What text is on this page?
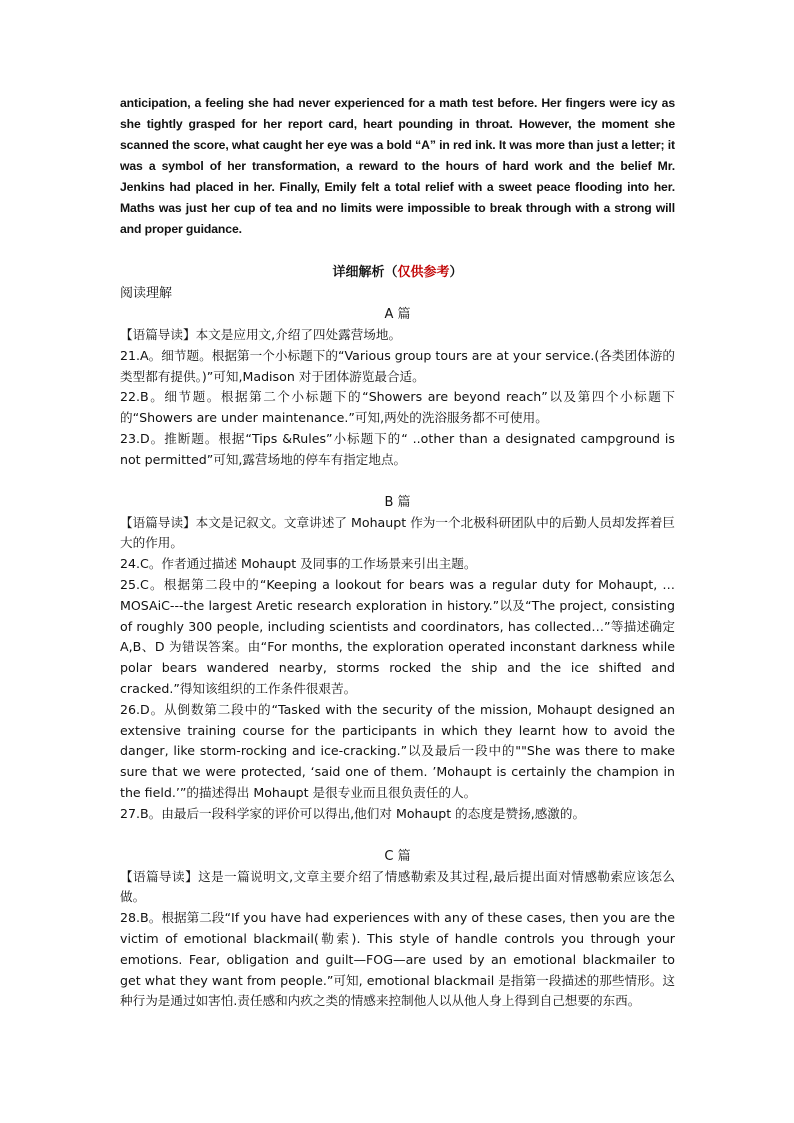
anticipation, a feeling she had never experienced for a math test before. Her fingers were icy as she tightly grasped for her report card, heart pounding in throat. However, the moment she scanned the score, what caught her eye was a bold “A” in red ink. It was more than just a letter; it was a symbol of her transformation, a reward to the hours of hard work and the belief Mr. Jenkins had placed in her. Finally, Emily felt a total relief with a sweet peace flooding into her. Maths was just her cup of tea and no limits were impossible to break through with a strong will and proper guidance.

详细解析（仅供参考）
阅读理解
A 篇

【语篇导读】本文是应用文,介绍了四处露营场地。

21.A。细节题。根据第一个小标题下的“Various group tours are at your service.(各类团体游的类型都有提供。)”可知,Madison 对于团体游览最合适。

22.B。细节题。根据第二个小标题下的“Showers are beyond reach”以及第四个小标题下的“Showers are under maintenance.”可知,两处的洗浴服务都不可使用。

23.D。推断题。根据“Tips &Rules”小标题下的“ ..other than a designated campground is not permitted”可知,露营场地的停车有指定地点。

B 篇

【语篇导读】本文是记叙文。文章讲述了 Mohaupt 作为一个北极科研团队中的后勤人员却发挥着巨大的作用。

24.C。作者通过描述 Mohaupt 及同事的工作场景来引出主题。

25.C。根据第二段中的“Keeping a lookout for bears was a regular duty for Mohaupt, … MOSAiC---the largest Aretic research exploration in history.”以及“The project, consisting of roughly 300 people, including scientists and coordinators, has collected…”等描述确定 A,B、D 为错误答案。由“For months, the exploration operated inconstant darkness while polar bears wandered nearby, storms rocked the ship and the ice shifted and cracked.”得知该组织的工作条件很艰苦。

26.D。从倒数第二段中的“Tasked with the security of the mission, Mohaupt designed an extensive training course for the participants in which they learnt how to avoid the danger, like storm-rocking and ice-cracking.”以及最后一段中的""She was there to make sure that we were protected, ‘said one of them. ’Mohaupt is certainly the champion in the field.’”的描述得出 Mohaupt 是很专业而且很负责任的人。

27.B。由最后一段科学家的评价可以得出,他们对 Mohaupt 的态度是赞扬,感激的。

C 篇

【语篇导读】这是一篇说明文,文章主要介绍了情感勒索及其过程,最后提出面对情感勒索应该怎么做。

28.B。根据第二段“If you have had experiences with any of these cases, then you are the victim of emotional blackmail(勒索). This style of handle controls you through your emotions. Fear, obligation and guilt—FOG—are used by an emotional blackmailer to get what they want from people.”可知, emotional blackmail 是指第一段描述的那些情形。这种行为是通过如害怕.责任感和内疚之类的情感来控制他人以从他人身上得到自己想要的东西。
